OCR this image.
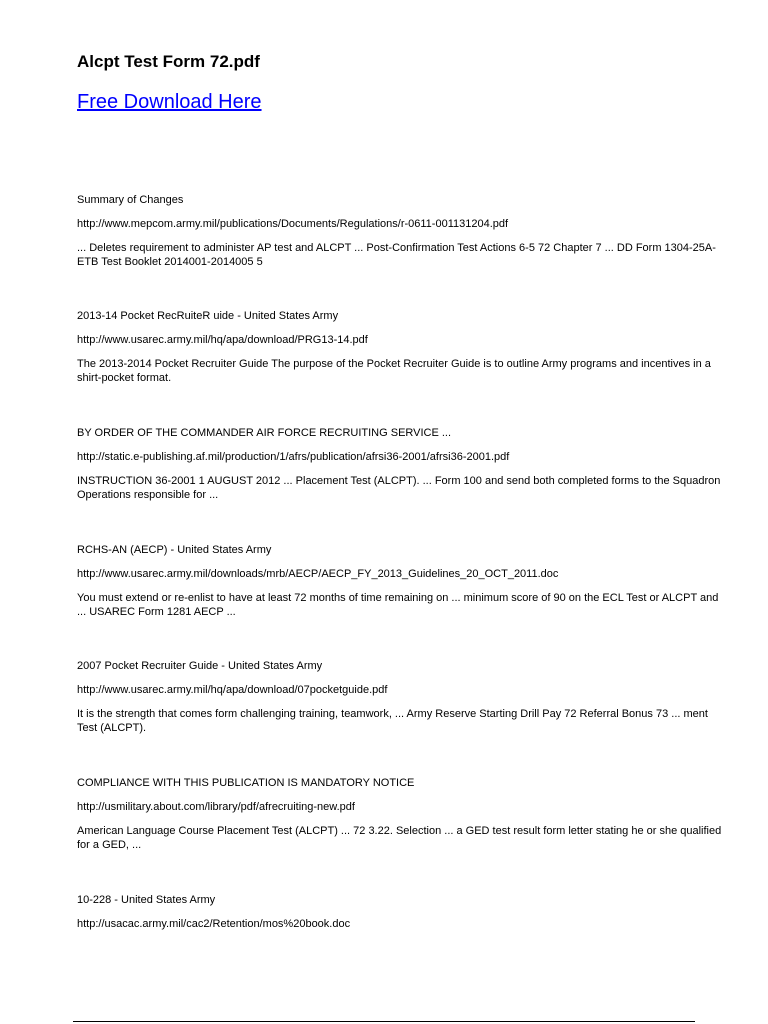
Alcpt Test Form 72.pdf
Free Download Here
Summary of Changes
http://www.mepcom.army.mil/publications/Documents/Regulations/r-0611-001131204.pdf
... Deletes requirement to administer AP test and ALCPT ... Post-Confirmation Test Actions 6-5 72 Chapter 7 ... DD Form 1304-25A-ETB Test Booklet 2014001-2014005 5
2013-14 Pocket RecRuiteR uide - United States Army
http://www.usarec.army.mil/hq/apa/download/PRG13-14.pdf
The 2013-2014 Pocket Recruiter Guide The purpose of the Pocket Recruiter Guide is to outline Army programs and incentives in a shirt-pocket format.
BY ORDER OF THE COMMANDER AIR FORCE RECRUITING SERVICE ...
http://static.e-publishing.af.mil/production/1/afrs/publication/afrsi36-2001/afrsi36-2001.pdf
INSTRUCTION 36-2001 1 AUGUST 2012 ... Placement Test (ALCPT). ... Form 100 and send both completed forms to the Squadron Operations responsible for ...
RCHS-AN (AECP) - United States Army
http://www.usarec.army.mil/downloads/mrb/AECP/AECP_FY_2013_Guidelines_20_OCT_2011.doc
You must extend or re-enlist to have at least 72 months of time remaining on ... minimum score of 90 on the ECL Test or ALCPT and ... USAREC Form 1281 AECP ...
2007 Pocket Recruiter Guide - United States Army
http://www.usarec.army.mil/hq/apa/download/07pocketguide.pdf
It is the strength that comes form challenging training, teamwork, ... Army Reserve Starting Drill Pay 72 Referral Bonus 73 ... ment Test (ALCPT).
COMPLIANCE WITH THIS PUBLICATION IS MANDATORY NOTICE
http://usmilitary.about.com/library/pdf/afrecruiting-new.pdf
American Language Course Placement Test (ALCPT) ... 72 3.22. Selection ... a GED test result form letter stating he or she qualified for a GED, ...
10-228 - United States Army
http://usacac.army.mil/cac2/Retention/mos%20book.doc
